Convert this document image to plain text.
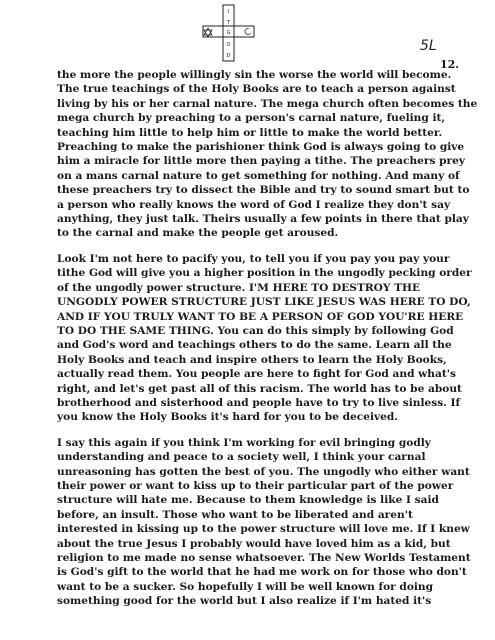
I
T
G
O
D
5L
12.
the more the people willingly sin the worse the world will become.
The true teachings of the Holy Books are to teach a person against
living by his or her carnal nature. The mega church often becomes the
mega church by preaching to a person's carnal nature, fueling it,
teaching him little to help him or little to make the world better.
Preaching to make the parishioner think God is always going to give
him a miracle for little more then paying a tithe. The preachers prey
on a mans carnal nature to get something for nothing. And many of
these preachers try to dissect the Bible and try to sound smart but to
a person who really knows the word of God I realize they don't say
anything, they just talk. Theirs usually a few points in there that play
to the carnal and make the people get aroused.
Look I'm not here to pacify you, to tell you if you pay you pay your
tithe God will give you a higher position in the ungodly pecking order
of the ungodly power structure. I'M HERE TO DESTROY THE
UNGODLY POWER STRUCTURE JUST LIKE JESUS WAS HERE TO DO,
AND IF YOU TRULY WANT TO BE A PERSON OF GOD YOU'RE HERE
TO DO THE SAME THING. You can do this simply by following God
and God's word and teachings others to do the same. Learn all the
Holy Books and teach and inspire others to learn the Holy Books,
actually read them. You people are here to fight for God and what's
right, and let's get past all of this racism. The world has to be about
brotherhood and sisterhood and people have to try to live sinless. If
you know the Holy Books it's hard for you to be deceived.
I say this again if you think I'm working for evil bringing godly
understanding and peace to a society well, I think your carnal
unreasoning has gotten the best of you. The ungodly who either want
their power or want to kiss up to their particular part of the power
structure will hate me. Because to them knowledge is like I said
before, an insult. Those who want to be liberated and aren't
interested in kissing up to the power structure will love me. If I knew
about the true Jesus I probably would have loved him as a kid, but
religion to me made no sense whatsoever. The New Worlds Testament
is God's gift to the world that he had me work on for those who don't
want to be a sucker. So hopefully I will be well known for doing
something good for the world but I also realize if I'm hated it's
